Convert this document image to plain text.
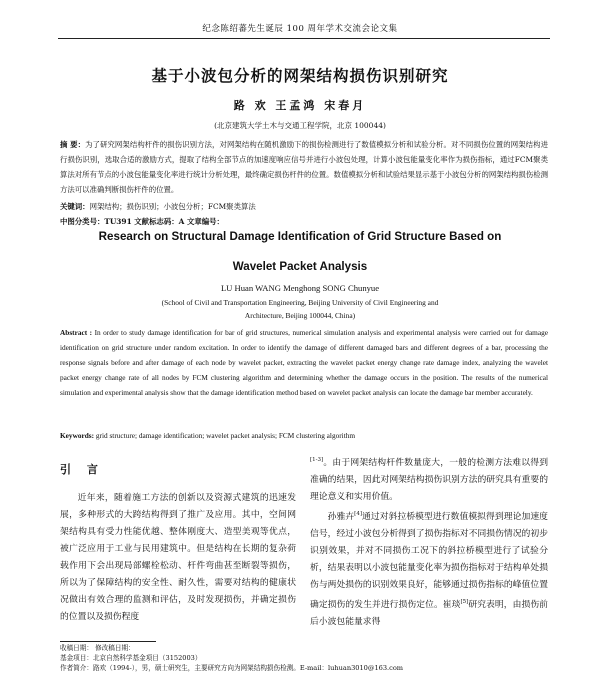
纪念陈绍蕃先生诞辰 100 周年学术交流会论文集
基于小波包分析的网架结构损伤识别研究
路 欢 王孟鸿 宋春月
(北京建筑大学土木与交通工程学院，北京 100044)
摘 要：为了研究网架结构杆件的损伤识别方法，对网架结构在随机激励下的损伤检测进行了数值模拟分析和试验分析。对不同损伤位置的网架结构进行损伤识别，选取合适的激励方式，提取了结构全部节点的加速度响应信号并进行小波包处理，计算小波包能量变化率作为损伤指标，通过FCM聚类算法对所有节点的小波包能量变化率进行统计分析处理，最终确定损伤杆件的位置。数值模拟分析和试验结果显示基于小波包分析的网架结构损伤检测方法可以准确判断损伤杆件的位置。
关键词：网架结构；损伤识别；小波包分析；FCM聚类算法
中图分类号：TU391 文献标志码：A 文章编号：
Research on Structural Damage Identification of Grid Structure Based on
Wavelet Packet Analysis
LU Huan WANG Menghong SONG Chunyue
(School of Civil and Transportation Engineering, Beijing University of Civil Engineering and
Architecture, Beijing 100044, China)
Abstract : In order to study damage identification for bar of grid structures, numerical simulation analysis and experimental analysis were carried out for damage identification on grid structure under random excitation. In order to identify the damage of different damaged bars and different degrees of a bar, processing the response signals before and after damage of each node by wavelet packet, extracting the wavelet packet energy change rate damage index, analyzing the wavelet packet energy change rate of all nodes by FCM clustering algorithm and determining whether the damage occurs in the position. The results of the numerical simulation and experimental analysis show that the damage identification method based on wavelet packet analysis can locate the damage bar member accurately.
Keywords: grid structure; damage identification; wavelet packet analysis; FCM clustering algorithm
引 言
近年来，随着施工方法的创新以及资源式建筑的迅速发展，多种形式的大跨结构得到了推广及应用。其中，空间网架结构具有受力性能优越、整体刚度大、造型美观等优点，被广泛应用于工业与民用建筑中。但是结构在长期的复杂荷载作用下会出现局部螺栓松动、杆件弯曲甚至断裂等损伤，所以为了保障结构的安全性、耐久性，需要对结构的健康状况做出有效合理的监测和评估，及时发现损伤，并确定损伤的位置以及损伤程度
[1-3]。由于网架结构杆件数量庞大，一般的检测方法难以得到准确的结果，因此对网架结构损伤识别方法的研究具有重要的理论意义和实用价值。
孙雅卉[4]通过对斜拉桥模型进行数值模拟得到理论加速度信号，经过小波包分析得到了损伤指标对不同损伤情况的初步识别效果，并对不同损伤工况下的斜拉桥模型进行了试验分析，结果表明以小波包能量变化率为损伤指标对于结构单处损伤与两处损伤的识别效果良好，能够通过损伤指标的峰值位置确定损伤的发生并进行损伤定位。崔琰[5]研究表明，由损伤前后小波包能量求得
收稿日期： 修改稿日期：
基金项目：北京自然科学基金项目（3152003）
作者简介：路欢（1994-），男，硕士研究生，主要研究方向为网架结构损伤检测。E-mail：luhuan3010@163.com
